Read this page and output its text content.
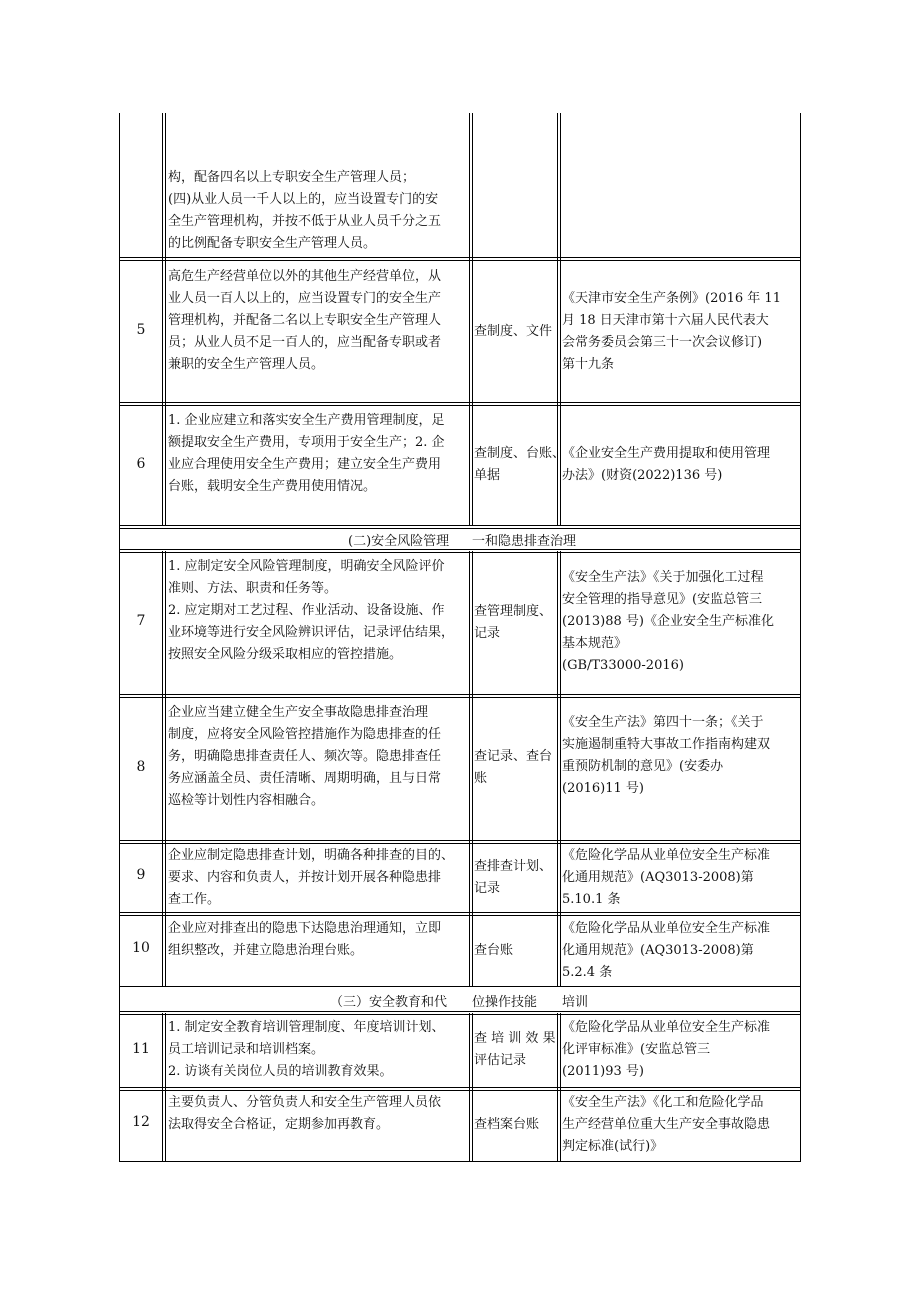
构，配备四名以上专职安全生产管理人员；
(四)从业人员一千人以上的，应当设置专门的安
全生产管理机构，并按不低于从业人员千分之五
的比例配备专职安全生产管理人员。
5
高危生产经营单位以外的其他生产经营单位，从
业人员一百人以上的，应当设置专门的安全生产
管理机构，并配备二名以上专职安全生产管理人
员；从业人员不足一百人的，应当配备专职或者
兼职的安全生产管理人员。
查制度、文件
《天津市安全生产条例》(2016 年 11
月 18 日天津市第十六届人民代表大
会常务委员会第三十一次会议修订)
第十九条
6
1. 企业应建立和落实安全生产费用管理制度，足
额提取安全生产费用，专项用于安全生产；2. 企
业应合理使用安全生产费用；建立安全生产费用
台账，载明安全生产费用使用情况。
查制度、台账、
单据
《企业安全生产费用提取和使用管理
办法》(财资(2022)136 号)
(二)安全风险管理 一和隐患排查治理
7
1. 应制定安全风险管理制度，明确安全风险评价
准则、方法、职责和任务等。
2. 应定期对工艺过程、作业活动、设备设施、作
业环境等进行安全风险辨识评估，记录评估结果，
按照安全风险分级采取相应的管控措施。
查管理制度、
记录
《安全生产法》《关于加强化工过程
安全管理的指导意见》(安监总管三
(2013)88 号)《企业安全生产标准化
基本规范》
(GB/T33000-2016)
8
企业应当建立健全生产安全事故隐患排查治理
制度，应将安全风险管控措施作为隐患排查的任
务，明确隐患排查责任人、频次等。隐患排查任
务应涵盖全员、责任清晰、周期明确，且与日常
巡检等计划性内容相融合。
查记录、查台
账
《安全生产法》第四十一条；《关于
实施遏制重特大事故工作指南构建双
重预防机制的意见》(安委办
(2016)11 号)
9
企业应制定隐患排查计划，明确各种排查的目的、
要求、内容和负责人，并按计划开展各种隐患排
查工作。
查排查计划、
记录
《危险化学品从业单位安全生产标准
化通用规范》(AQ3013-2008)第
5.10.1 条
10
企业应对排查出的隐患下达隐患治理通知，立即
组织整改，并建立隐患治理台账。	查台账
《危险化学品从业单位安全生产标准
化通用规范》(AQ3013-2008)第
5.2.4 条
（三）安全教育和代 位操作技能 培训
11
1. 制定安全教育培训管理制度、年度培训计划、
员工培训记录和培训档案。
2. 访谈有关岗位人员的培训教育效果。
查 培 训 效 果
评估记录
《危险化学品从业单位安全生产标准
化评审标准》(安监总管三
(2011)93 号)
12
主要负责人、分管负责人和安全生产管理人员依
法取得安全合格证，定期参加再教育。	查档案台账
《安全生产法》《化工和危险化学品
生产经营单位重大生产安全事故隐患
判定标准(试行)》
